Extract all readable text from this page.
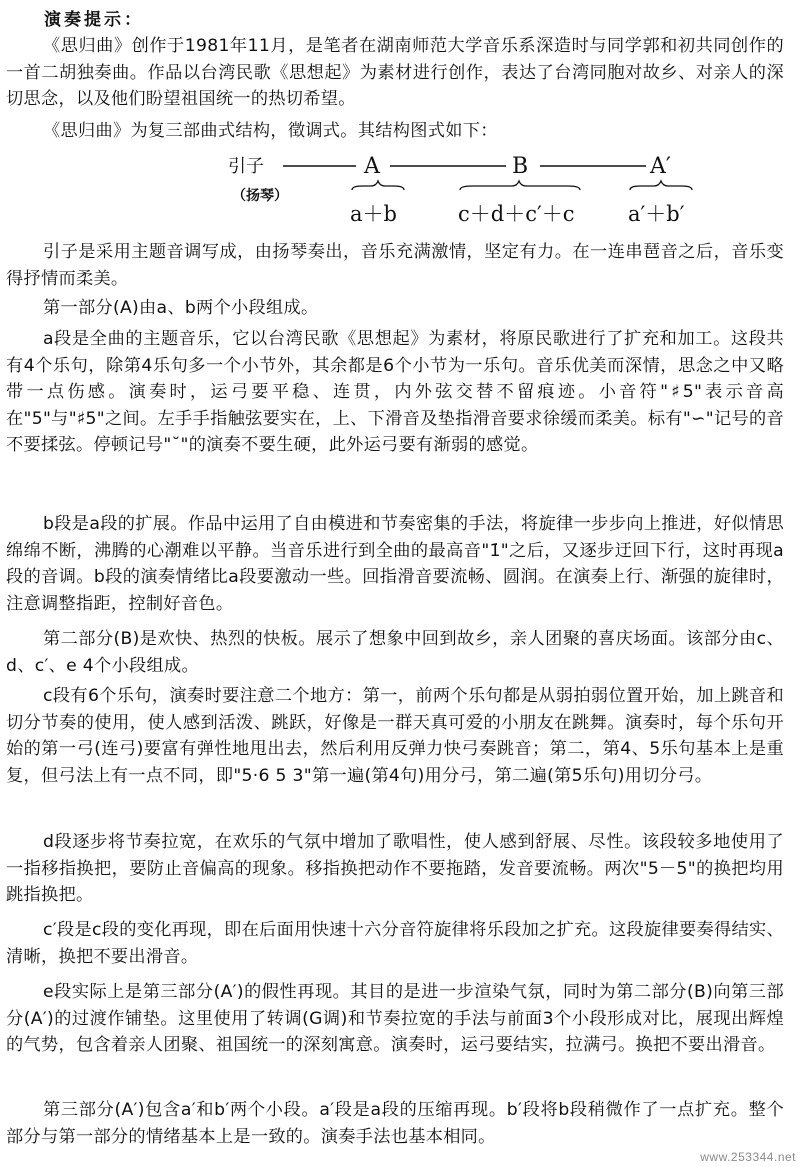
演奏提示：

《思归曲》创作于1981年11月，是笔者在湖南师范大学音乐系深造时与同学郭和初共同创作的一首二胡独奏曲。作品以台湾民歌《思想起》为素材进行创作，表达了台湾同胞对故乡、对亲人的深切思念，以及他们盼望祖国统一的热切希望。

《思归曲》为复三部曲式结构，徵调式。其结构图式如下：

引子	A	B	A′
（扬琴）
a＋b	c＋d＋c′＋c	a′＋b′

引子是采用主题音调写成，由扬琴奏出，音乐充满激情，坚定有力。在一连串琶音之后，音乐变得抒情而柔美。

第一部分(A)由a、b两个小段组成。

a段是全曲的主题音乐，它以台湾民歌《思想起》为素材，将原民歌进行了扩充和加工。这段共有4个乐句，除第4乐句多一个小节外，其余都是6个小节为一乐句。音乐优美而深情，思念之中又略带一点伤感。演奏时，运弓要平稳、连贯，内外弦交替不留痕迹。小音符"♯5"表示音高在"5"与"♯5"之间。左手手指触弦要实在，上、下滑音及垫指滑音要求徐缓而柔美。标有"∽"记号的音不要揉弦。停顿记号"˘"的演奏不要生硬，此外运弓要有渐弱的感觉。

b段是a段的扩展。作品中运用了自由模进和节奏密集的手法，将旋律一步步向上推进，好似情思绵绵不断，沸腾的心潮难以平静。当音乐进行到全曲的最高音"1̇"之后，又逐步迂回下行，这时再现a段的音调。b段的演奏情绪比a段要激动一些。回指滑音要流畅、圆润。在演奏上行、渐强的旋律时，注意调整指距，控制好音色。

第二部分(B)是欢快、热烈的快板。展示了想象中回到故乡，亲人团聚的喜庆场面。该部分由c、d、c′、e 4个小段组成。

c段有6个乐句，演奏时要注意二个地方：第一，前两个乐句都是从弱拍弱位置开始，加上跳音和切分节奏的使用，使人感到活泼、跳跃，好像是一群天真可爱的小朋友在跳舞。演奏时，每个乐句开始的第一弓(连弓)要富有弹性地甩出去，然后利用反弹力快弓奏跳音；第二，第4、5乐句基本上是重复，但弓法上有一点不同，即"5·6 5 3"第一遍(第4句)用分弓，第二遍(第5乐句)用切分弓。

d段逐步将节奏拉宽，在欢乐的气氛中增加了歌唱性，使人感到舒展、尽性。该段较多地使用了一指移指换把，要防止音偏高的现象。移指换把动作不要拖踏，发音要流畅。两次"5－5̇"的换把均用跳指换把。

c′段是c段的变化再现，即在后面用快速十六分音符旋律将乐段加之扩充。这段旋律要奏得结实、清晰，换把不要出滑音。

e段实际上是第三部分(A′)的假性再现。其目的是进一步渲染气氛，同时为第二部分(B)向第三部分(A′)的过渡作铺垫。这里使用了转调(G调)和节奏拉宽的手法与前面3个小段形成对比，展现出辉煌的气势，包含着亲人团聚、祖国统一的深刻寓意。演奏时，运弓要结实，拉满弓。换把不要出滑音。

第三部分(A′)包含a′和b′两个小段。a′段是a段的压缩再现。b′段将b段稍微作了一点扩充。整个部分与第一部分的情绪基本上是一致的。演奏手法也基本相同。

www.253344.net
